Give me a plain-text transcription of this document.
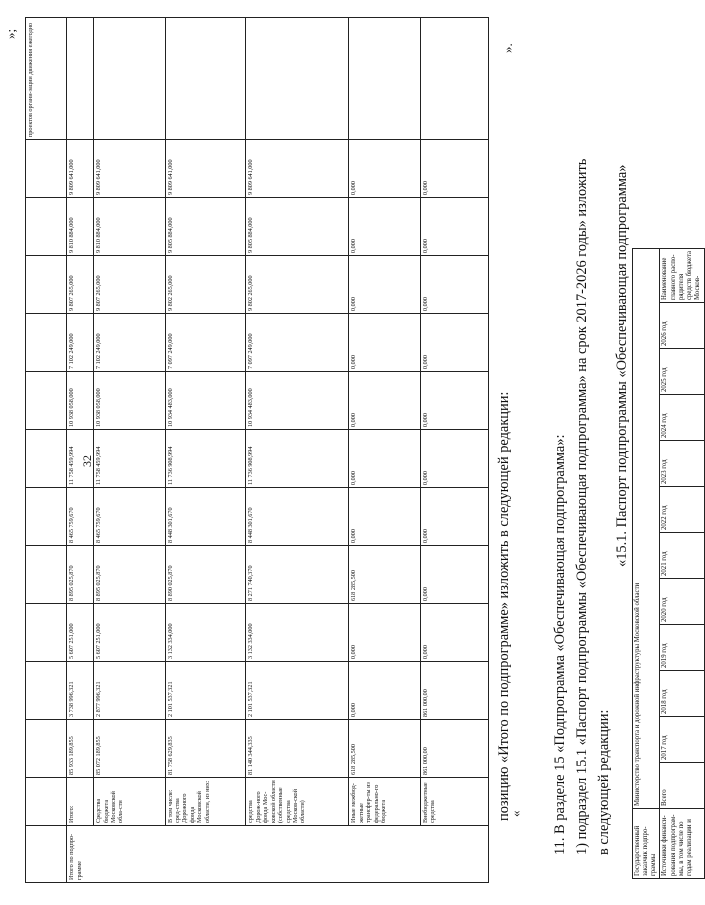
32
»;
													проектов органи-зации движения ежегодно
Итого по подпро-грамме	Итого:	85 933 189,855	3 738 996,321	5 607 251,000	8 895 025,870	8 465 759,670	11 758 459,994	10 938 058,000	7 102 249,000	9 807 265,000	9 810 884,000	9 809 641,000	
	Средства бюджета Московской обла-сти	85 072 189,855	2 877 996,321	5 607 251,000	8 895 025,870	8 465 759,670	11 758 459,994	10 938 058,000	7 102 249,000	9 807 265,000	9 810 884,000	9 809 641,000	
	В том числе: сред-ства Дорожного фонда Московской области, из них:	81 758 629,835	2 101 537,321	3 132 334,000	8 890 025,870	8 448 301,670	11 736 908,994	10 934 483,000	7 097 249,000	9 802 265,000	9 805 884,000	9 809 641,000	
	средства Дорож-ного фонда Мос-ковской области (собственные средства Москов-ской области)	81 140 344,335	2 101 537,321	3 132 334,000	8 271 740,370	8 448 301,670	11 736 908,994	10 934 483,000	7 097 249,000	9 802 265,000	9 805 884,000	9 809 641,000	
	Иные межбюд-жетные трансфер-ты из федерально-го бюджета	618 285,500	0,000	0,000	618 285,500	0,000	0,000	0,000	0,000	0,000	0,000	0,000	
	Внебюджетные средства	861 000,00	861 000,00	0,000	0,000	0,000	0,000	0,000	0,000	0,000	0,000	0,000	
позицию «Итого по подпрограмме» изложить в следующей редакции:
« 11. В разделе 15 «Подпрограмма «Обеспечивающая подпрограмма»: 1) подраздел 15.1 «Паспорт подпрограммы «Обеспечивающая подпрограмма» на срок 2017-2026 годы» изложить в следующей редакции:
».
«15.1. Паспорт подпрограммы «Обеспечивающая подпрограмма»
Государственный заказчик подпро-граммы	Министерство транспорта и дорожной инфраструктуры Московской области											
Источники финанси-рования подпрограм-мы, в том числе по годам реализации и	Всего	2017 год	2018 год	2019 год	2020 год	2021 год	2022 год	2023 год	2024 год	2025 год	2026 год	Наименование главного распо-рядителя средств бюджета Москов-
